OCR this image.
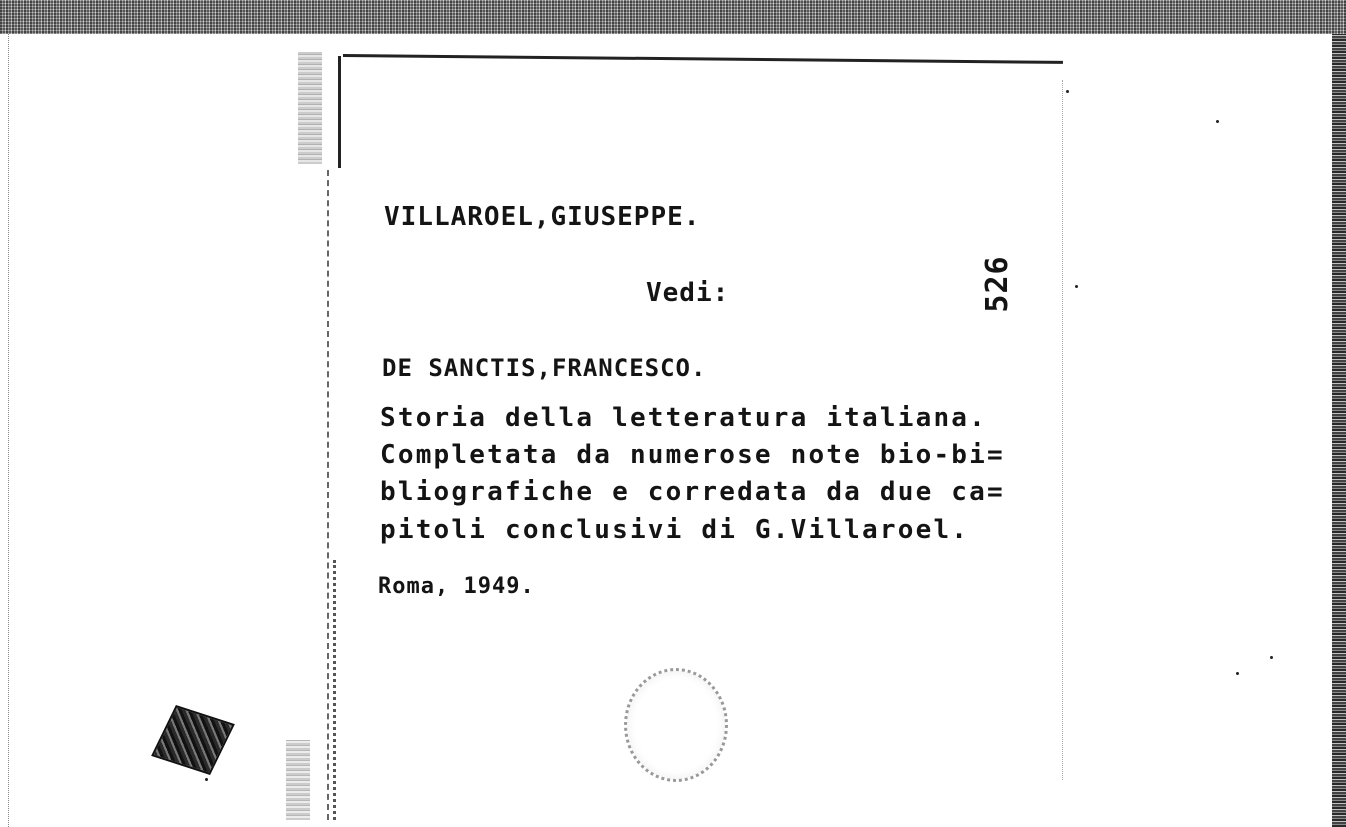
VILLAROEL,GIUSEPPE.
Vedi:	526
DE SANCTIS,FRANCESCO.
Storia della letteratura italiana.
Completata da numerose note bio-bi=
bliografiche e corredata da due ca=
pitoli conclusivi di G.Villaroel.
Roma, 1949.
